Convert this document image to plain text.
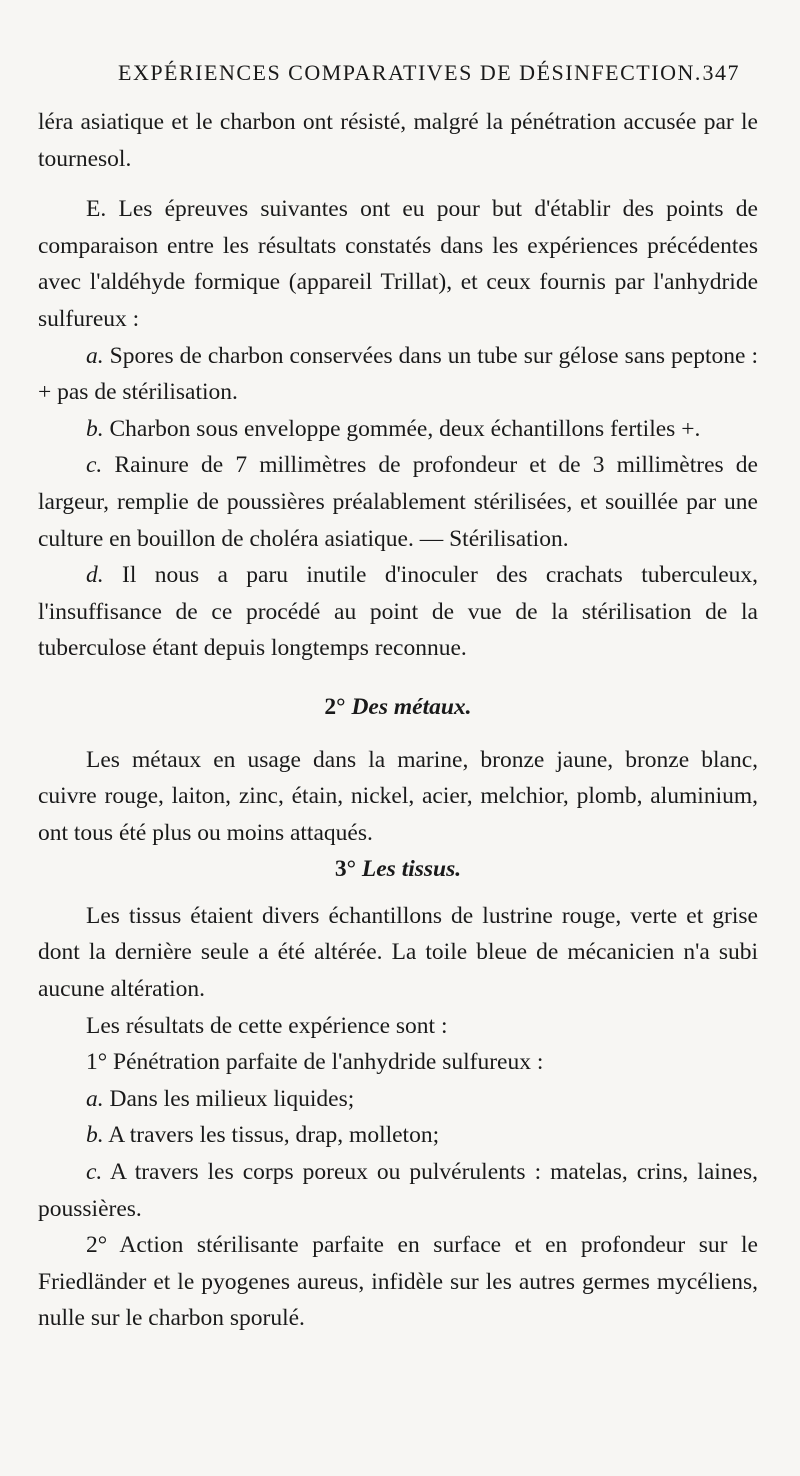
EXPÉRIENCES COMPARATIVES DE DÉSINFECTION. 347

léra asiatique et le charbon ont résisté, malgré la pénétration accusée par le tournesol.

E. Les épreuves suivantes ont eu pour but d'établir des points de comparaison entre les résultats constatés dans les expériences précédentes avec l'aldéhyde formique (appareil Trillat), et ceux fournis par l'anhydride sulfureux :

a. Spores de charbon conservées dans un tube sur gélose sans peptone : + pas de stérilisation.

b. Charbon sous enveloppe gommée, deux échantillons fertiles +.

c. Rainure de 7 millimètres de profondeur et de 3 millimètres de largeur, remplie de poussières préalablement stérilisées, et souillée par une culture en bouillon de choléra asiatique. — Stérilisation.

d. Il nous a paru inutile d'inoculer des crachats tuberculeux, l'insuffisance de ce procédé au point de vue de la stérilisation de la tuberculose étant depuis longtemps reconnue.

2° Des métaux.

Les métaux en usage dans la marine, bronze jaune, bronze blanc, cuivre rouge, laiton, zinc, étain, nickel, acier, melchior, plomb, aluminium, ont tous été plus ou moins attaqués.

3° Les tissus.

Les tissus étaient divers échantillons de lustrine rouge, verte et grise dont la dernière seule a été altérée. La toile bleue de mécanicien n'a subi aucune altération.

Les résultats de cette expérience sont :

1° Pénétration parfaite de l'anhydride sulfureux :

a. Dans les milieux liquides;

b. A travers les tissus, drap, molleton;

c. A travers les corps poreux ou pulvérulents : matelas, crins, laines, poussières.

2° Action stérilisante parfaite en surface et en profondeur sur le Friedländer et le pyogenes aureus, infidèle sur les autres germes mycéliens, nulle sur le charbon sporulé.
